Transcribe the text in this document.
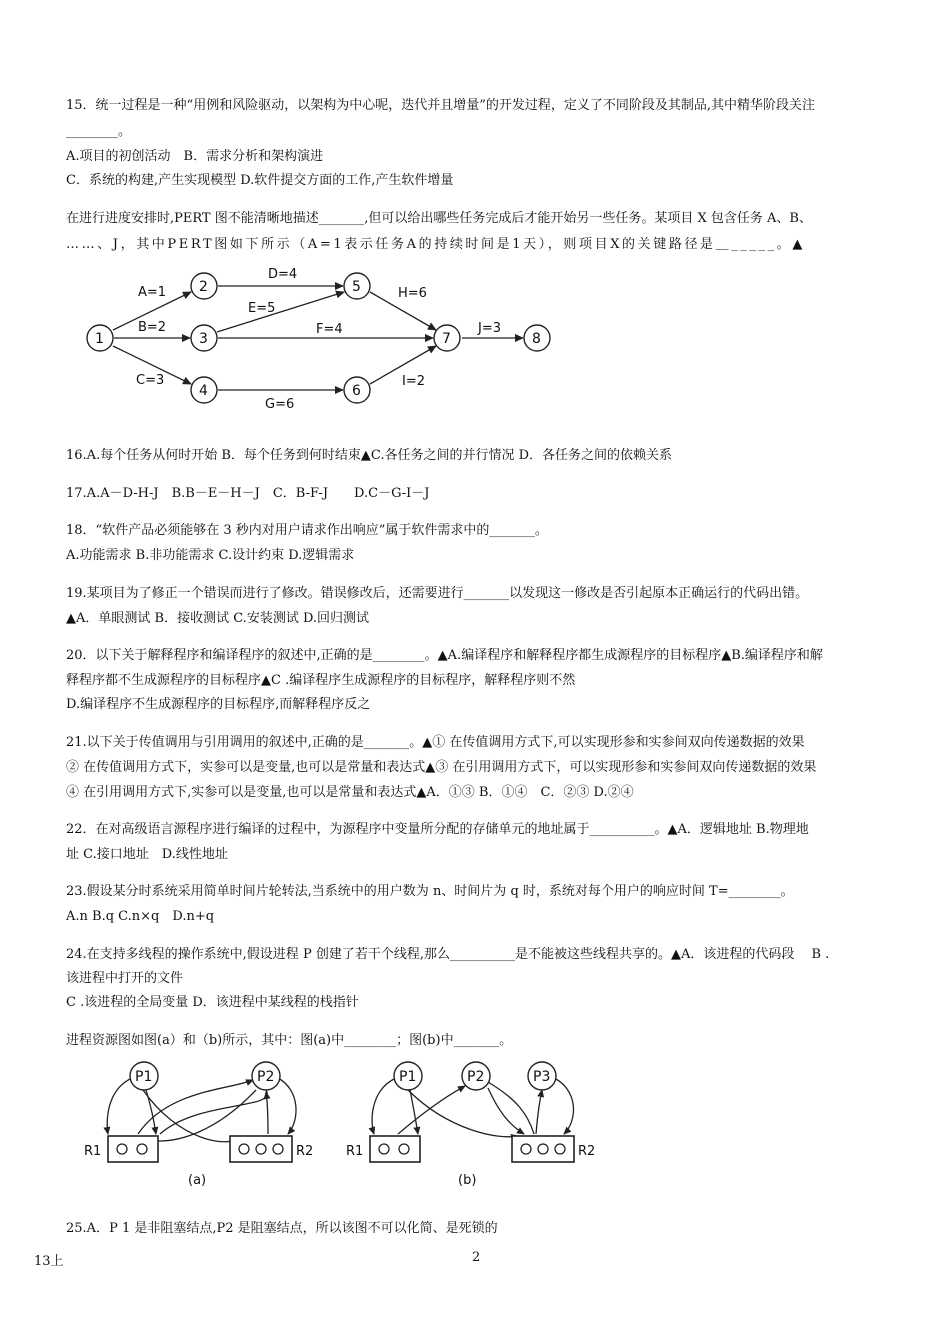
15．统一过程是一种“用例和风险驱动，以架构为中心呢，迭代并且增量”的开发过程，定义了不同阶段及其制品,其中精华阶段关注
________。
A.项目的初创活动　B．需求分析和架构演进
C．系统的构建,产生实现模型 D.软件提交方面的工作,产生软件增量
在进行进度安排时,PERT 图不能清晰地描述_______,但可以给出哪些任务完成后才能开始另一些任务。某项目 X 包含任务 A、B、
……、J，其中PERT图如下所示（A=1表示任务A的持续时间是1天），则项目X的关键路径是＿_____。▲
A=1
B=2
C=3
D=4
E=5
F=4
G=6
H=6
I=2
J=3
1
2
3
4
5
6
7	8
16.A.每个任务从何时开始 B．每个任务到何时结束▲C.各任务之间的并行情况 D．各任务之间的依赖关系
17.A.A－D-H-J　B.B－E－H－J　C．B-F-J　　D.C－G-I－J
18．“软件产品必须能够在 3 秒内对用户请求作出响应”属于软件需求中的_______。
A.功能需求 B.非功能需求 C.设计约束 D.逻辑需求
19.某项目为了修正一个错误而进行了修改。错误修改后，还需要进行_______以发现这一修改是否引起原本正确运行的代码出错。
▲A．单眼测试 B．接收测试 C.安装测试 D.回归测试
20．以下关于解释程序和编译程序的叙述中,正确的是________。▲A.编译程序和解释程序都生成源程序的目标程序▲B.编译程序和解
释程序都不生成源程序的目标程序▲C .编译程序生成源程序的目标程序，解释程序则不然
D.编译程序不生成源程序的目标程序,而解释程序反之
21.以下关于传值调用与引用调用的叙述中,正确的是_______。▲① 在传值调用方式下,可以实现形参和实参间双向传递数据的效果
② 在传值调用方式下，实参可以是变量,也可以是常量和表达式▲③ 在引用调用方式下，可以实现形参和实参间双向传递数据的效果
④ 在引用调用方式下,实参可以是变量,也可以是常量和表达式▲A．①③ B．①④　C．②③ D.②④
22．在对高级语言源程序进行编译的过程中，为源程序中变量所分配的存储单元的地址属于__________。▲A．逻辑地址 B.物理地
址 C.接口地址　D.线性地址
23.假设某分时系统采用简单时间片轮转法,当系统中的用户数为 n、时间片为 q 时，系统对每个用户的响应时间 T=________。
A.n B.q C.n×q　D.n+q
24.在支持多线程的操作系统中,假设进程 P 创建了若干个线程,那么__________是不能被这些线程共享的。▲A．该进程的代码段　 B .
该进程中打开的文件
C .该进程的全局变量 D．该进程中某线程的栈指针
进程资源图如图(a）和（b)所示，其中：图(a)中________；图(b)中_______。
P1	P2
R1	R2
(a)
P1	P2	P3
R1	R2
(b)
25.A．P 1 是非阻塞结点,P2 是阻塞结点，所以该图不可以化简、是死锁的
13上	2
